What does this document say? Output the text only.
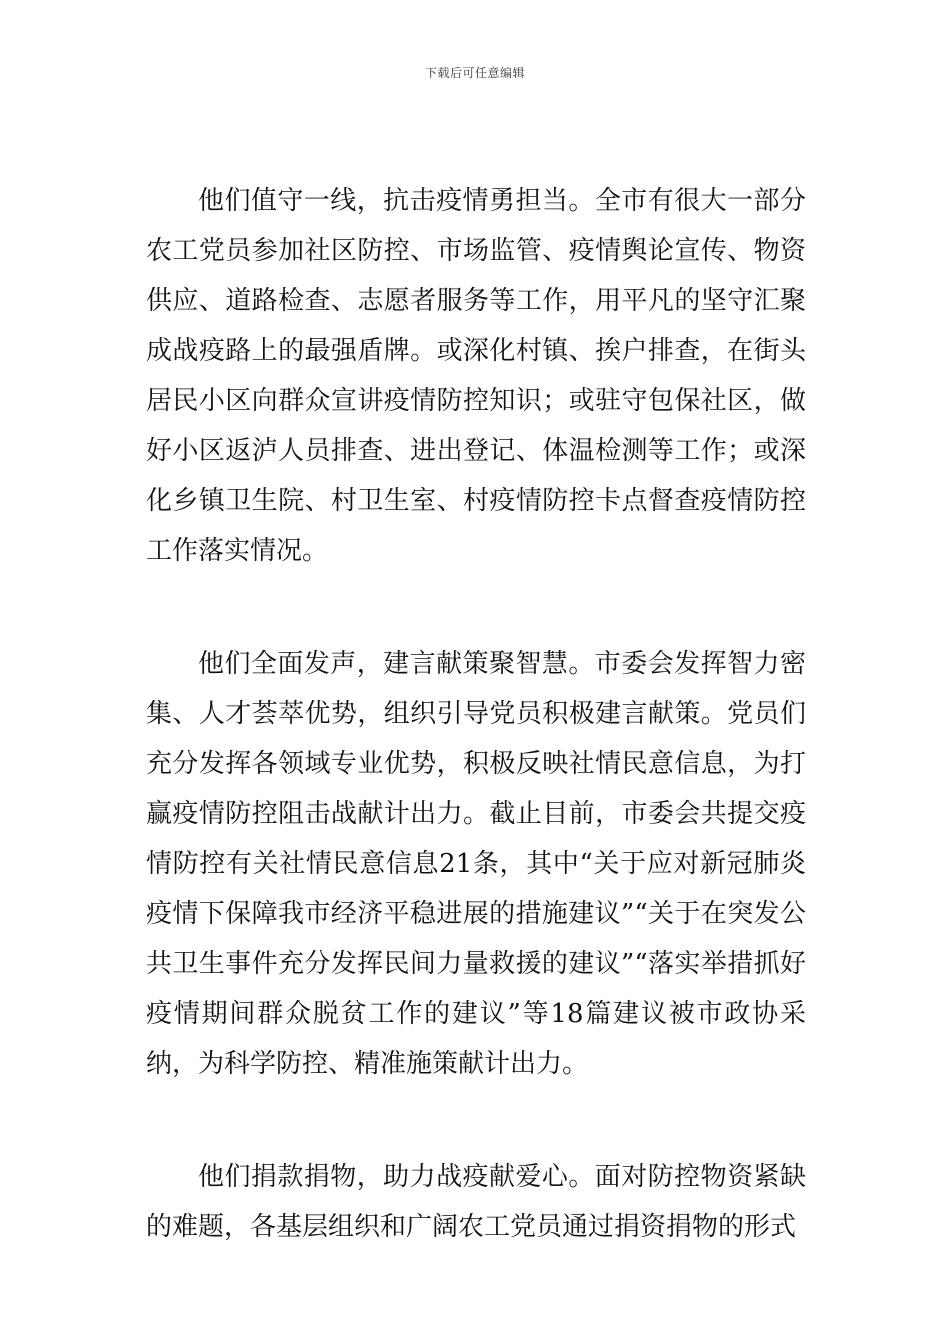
下载后可任意编辑

他们值守一线，抗击疫情勇担当。全市有很大一部分农工党员参加社区防控、市场监管、疫情舆论宣传、物资供应、道路检查、志愿者服务等工作，用平凡的坚守汇聚成战疫路上的最强盾牌。或深化村镇、挨户排查，在街头居民小区向群众宣讲疫情防控知识；或驻守包保社区，做好小区返泸人员排查、进出登记、体温检测等工作；或深化乡镇卫生院、村卫生室、村疫情防控卡点督查疫情防控工作落实情况。

他们全面发声，建言献策聚智慧。市委会发挥智力密集、人才荟萃优势，组织引导党员积极建言献策。党员们充分发挥各领域专业优势，积极反映社情民意信息，为打赢疫情防控阻击战献计出力。截止目前，市委会共提交疫情防控有关社情民意信息21条，其中“关于应对新冠肺炎疫情下保障我市经济平稳进展的措施建议”“关于在突发公共卫生事件充分发挥民间力量救援的建议”“落实举措抓好疫情期间群众脱贫工作的建议”等18篇建议被市政协采纳，为科学防控、精准施策献计出力。

他们捐款捐物，助力战疫献爱心。面对防控物资紧缺的难题，各基层组织和广阔农工党员通过捐资捐物的形式
